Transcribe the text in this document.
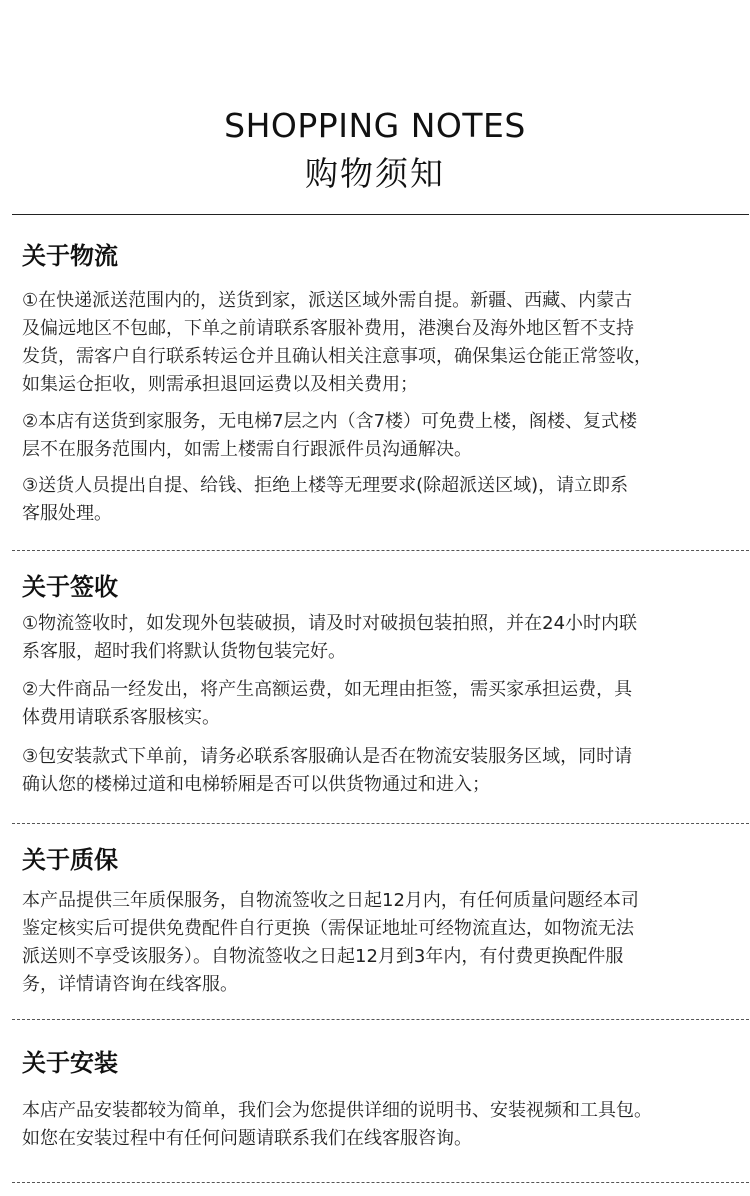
SHOPPING NOTES
购物须知
关于物流

①在快递派送范围内的，送货到家，派送区域外需自提。新疆、西藏、内蒙古
及偏远地区不包邮，下单之前请联系客服补费用，港澳台及海外地区暂不支持
发货，需客户自行联系转运仓并且确认相关注意事项，确保集运仓能正常签收，
如集运仓拒收，则需承担退回运费以及相关费用；

②本店有送货到家服务，无电梯7层之内（含7楼）可免费上楼，阁楼、复式楼
层不在服务范围内，如需上楼需自行跟派件员沟通解决。

③送货人员提出自提、给钱、拒绝上楼等无理要求(除超派送区域)，请立即系
客服处理。

关于签收

①物流签收时，如发现外包装破损，请及时对破损包装拍照，并在24小时内联
系客服，超时我们将默认货物包装完好。

②大件商品一经发出，将产生高额运费，如无理由拒签，需买家承担运费，具
体费用请联系客服核实。

③包安装款式下单前，请务必联系客服确认是否在物流安装服务区域，同时请
确认您的楼梯过道和电梯轿厢是否可以供货物通过和进入；

关于质保

本产品提供三年质保服务，自物流签收之日起12月内，有任何质量问题经本司
鉴定核实后可提供免费配件自行更换（需保证地址可经物流直达，如物流无法
派送则不享受该服务）。自物流签收之日起12月到3年内，有付费更换配件服
务，详情请咨询在线客服。

关于安装

本店产品安装都较为简单，我们会为您提供详细的说明书、安装视频和工具包。
如您在安装过程中有任何问题请联系我们在线客服咨询。
